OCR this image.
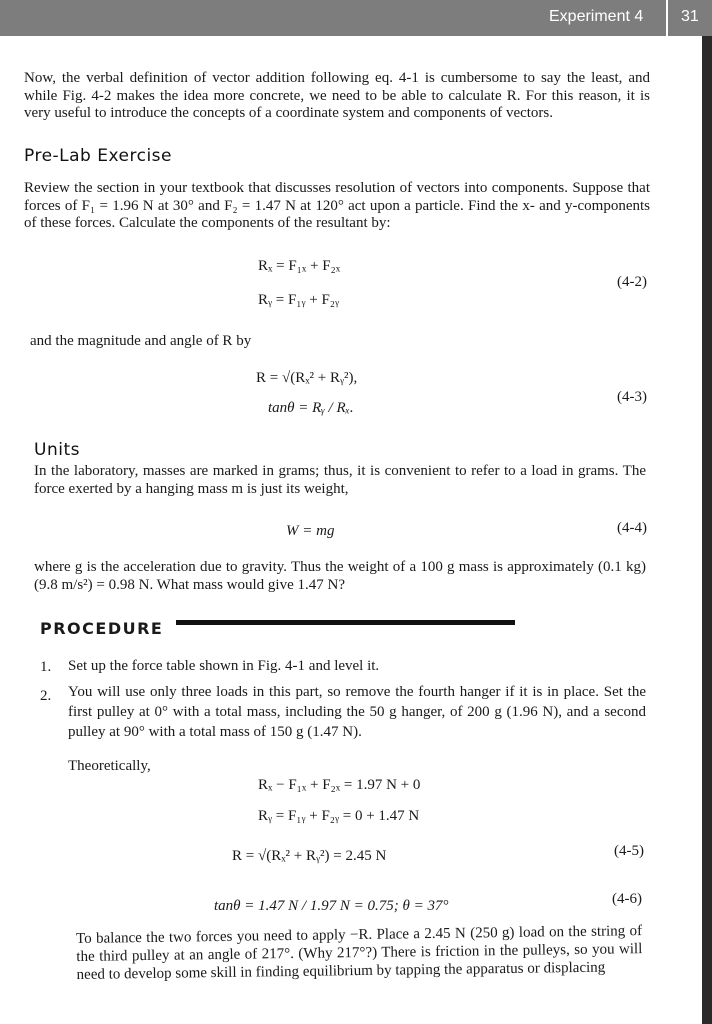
Experiment 4 31
Now, the verbal definition of vector addition following eq. 4-1 is cumbersome to say the least, and while Fig. 4-2 makes the idea more concrete, we need to be able to calculate R. For this reason, it is very useful to introduce the concepts of a coordinate system and components of vectors.
Pre-Lab Exercise
Review the section in your textbook that discusses resolution of vectors into components. Suppose that forces of F₁ = 1.96 N at 30° and F₂ = 1.47 N at 120° act upon a particle. Find the x- and y-components of these forces. Calculate the components of the resultant by:
Rₓ = F₁ₓ + F₂ₓ
Rᵧ = F₁ᵧ + F₂ᵧ
(4-2)
and the magnitude and angle of R by
R = √(Rₓ² + Rᵧ²),
tanθ = Rᵧ / Rₓ.
(4-3)
Units
In the laboratory, masses are marked in grams; thus, it is convenient to refer to a load in grams. The force exerted by a hanging mass m is just its weight,
W = mg	(4-4)
where g is the acceleration due to gravity. Thus the weight of a 100 g mass is approximately (0.1 kg)(9.8 m/s²) = 0.98 N. What mass would give 1.47 N?
PROCEDURE
1. Set up the force table shown in Fig. 4-1 and level it.
2. You will use only three loads in this part, so remove the fourth hanger if it is in place. Set the first pulley at 0° with a total mass, including the 50 g hanger, of 200 g (1.96 N), and a second pulley at 90° with a total mass of 150 g (1.47 N).
Theoretically,
Rₓ − F₁ₓ + F₂ₓ = 1.97 N + 0
Rᵧ = F₁ᵧ + F₂ᵧ = 0 + 1.47 N
R = √(Rₓ² + Rᵧ²) = 2.45 N	(4-5)
tanθ = 1.47 N / 1.97 N = 0.75; θ = 37°	(4-6)
To balance the two forces you need to apply −R. Place a 2.45 N (250 g) load on the string of the third pulley at an angle of 217°. (Why 217°?) There is friction in the pulleys, so you will need to develop some skill in finding equilibrium by tapping the apparatus or displacing
